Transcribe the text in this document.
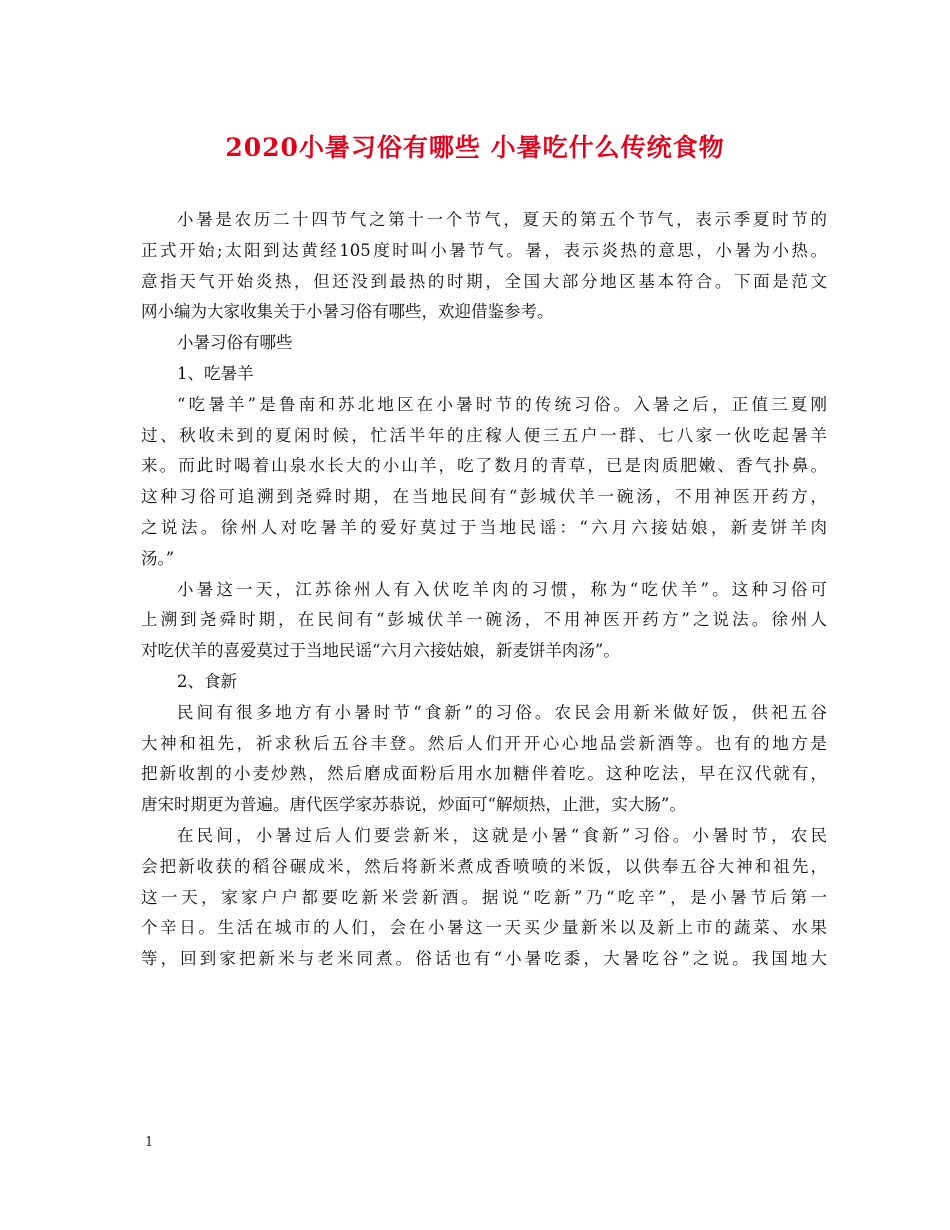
2020小暑习俗有哪些 小暑吃什么传统食物
小暑是农历二十四节气之第十一个节气，夏天的第五个节气，表示季夏时节的
正式开始;太阳到达黄经105度时叫小暑节气。暑，表示炎热的意思，小暑为小热。
意指天气开始炎热，但还没到最热的时期，全国大部分地区基本符合。下面是范文
网小编为大家收集关于小暑习俗有哪些，欢迎借鉴参考。
小暑习俗有哪些
1、吃暑羊
“吃暑羊”是鲁南和苏北地区在小暑时节的传统习俗。入暑之后，正值三夏刚
过、秋收未到的夏闲时候，忙活半年的庄稼人便三五户一群、七八家一伙吃起暑羊
来。而此时喝着山泉水长大的小山羊，吃了数月的青草，已是肉质肥嫩、香气扑鼻。
这种习俗可追溯到尧舜时期，在当地民间有“彭城伏羊一碗汤，不用神医开药方，
之说法。徐州人对吃暑羊的爱好莫过于当地民谣：“六月六接姑娘，新麦饼羊肉
汤。”
小暑这一天，江苏徐州人有入伏吃羊肉的习惯，称为“吃伏羊”。这种习俗可
上溯到尧舜时期，在民间有“彭城伏羊一碗汤，不用神医开药方”之说法。徐州人
对吃伏羊的喜爱莫过于当地民谣“六月六接姑娘，新麦饼羊肉汤”。
2、食新
民间有很多地方有小暑时节“食新”的习俗。农民会用新米做好饭，供祀五谷
大神和祖先，祈求秋后五谷丰登。然后人们开开心心地品尝新酒等。也有的地方是
把新收割的小麦炒熟，然后磨成面粉后用水加糖伴着吃。这种吃法，早在汉代就有，
唐宋时期更为普遍。唐代医学家苏恭说，炒面可“解烦热，止泄，实大肠”。
在民间，小暑过后人们要尝新米，这就是小暑“食新”习俗。小暑时节，农民
会把新收获的稻谷碾成米，然后将新米煮成香喷喷的米饭，以供奉五谷大神和祖先，
这一天，家家户户都要吃新米尝新酒。据说“吃新”乃“吃辛”，是小暑节后第一
个辛日。生活在城市的人们，会在小暑这一天买少量新米以及新上市的蔬菜、水果
等，回到家把新米与老米同煮。俗话也有“小暑吃黍，大暑吃谷”之说。我国地大
1
